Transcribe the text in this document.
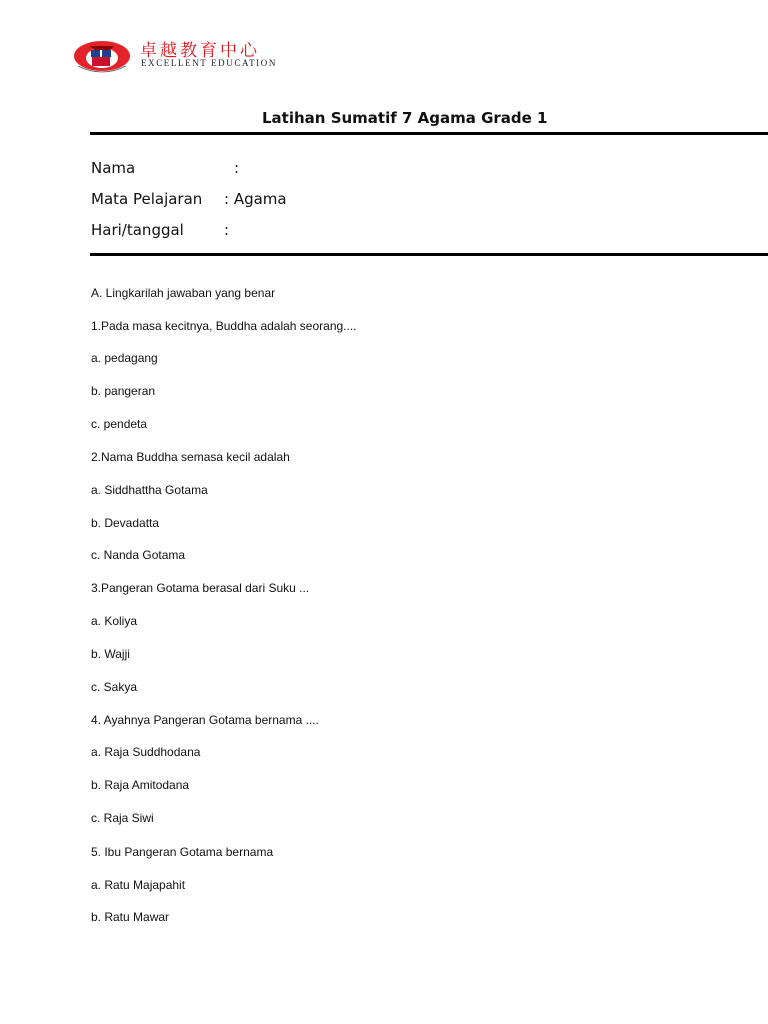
卓越教育中心
EXCELLENT EDUCATION
Latihan Sumatif 7 Agama Grade 1
Nama	:
Mata Pelajaran : Agama
Hari/tanggal	:
A. Lingkarilah jawaban yang benar
1.Pada masa kecitnya, Buddha adalah seorang....
a. pedagang
b. pangeran
c. pendeta
2.Nama Buddha semasa kecil adalah
a. Siddhattha Gotama
b. Devadatta
c. Nanda Gotama
3.Pangeran Gotama berasal dari Suku ...
a. Koliya
b. Wajji
c. Sakya
4. Ayahnya Pangeran Gotama bernama ....
a. Raja Suddhodana
b. Raja Amitodana
c. Raja Siwi
5. Ibu Pangeran Gotama bernama
a. Ratu Majapahit
b. Ratu Mawar
